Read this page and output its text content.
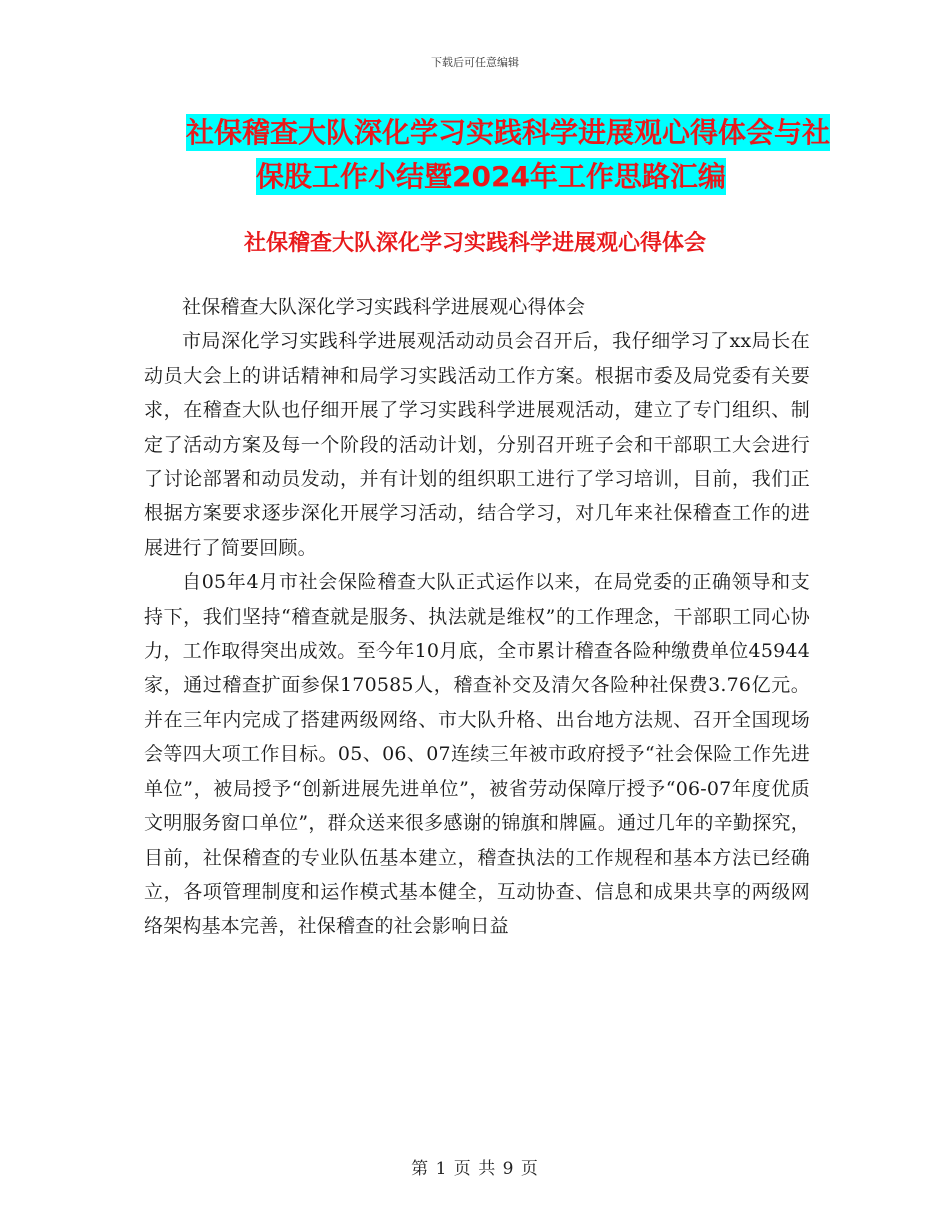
下载后可任意编辑
社保稽查大队深化学习实践科学进展观心得体会与社
保股工作小结暨2024年工作思路汇编
社保稽查大队深化学习实践科学进展观心得体会

社保稽查大队深化学习实践科学进展观心得体会

市局深化学习实践科学进展观活动动员会召开后，我仔细学习了xx局长在动员大会上的讲话精神和局学习实践活动工作方案。根据市委及局党委有关要求，在稽查大队也仔细开展了学习实践科学进展观活动，建立了专门组织、制定了活动方案及每一个阶段的活动计划，分别召开班子会和干部职工大会进行了讨论部署和动员发动，并有计划的组织职工进行了学习培训，目前，我们正根据方案要求逐步深化开展学习活动，结合学习，对几年来社保稽查工作的进展进行了简要回顾。

自05年4月市社会保险稽查大队正式运作以来，在局党委的正确领导和支持下，我们坚持“稽查就是服务、执法就是维权”的工作理念，干部职工同心协力，工作取得突出成效。至今年10月底，全市累计稽查各险种缴费单位45944家，通过稽查扩面参保170585人，稽查补交及清欠各险种社保费3.76亿元。并在三年内完成了搭建两级网络、市大队升格、出台地方法规、召开全国现场会等四大项工作目标。05、06、07连续三年被市政府授予“社会保险工作先进单位”，被局授予“创新进展先进单位”，被省劳动保障厅授予“06-07年度优质文明服务窗口单位”，群众送来很多感谢的锦旗和牌匾。通过几年的辛勤探究，目前，社保稽查的专业队伍基本建立，稽查执法的工作规程和基本方法已经确立，各项管理制度和运作模式基本健全，互动协查、信息和成果共享的两级网络架构基本完善，社保稽查的社会影响日益

第 1 页 共 9 页
